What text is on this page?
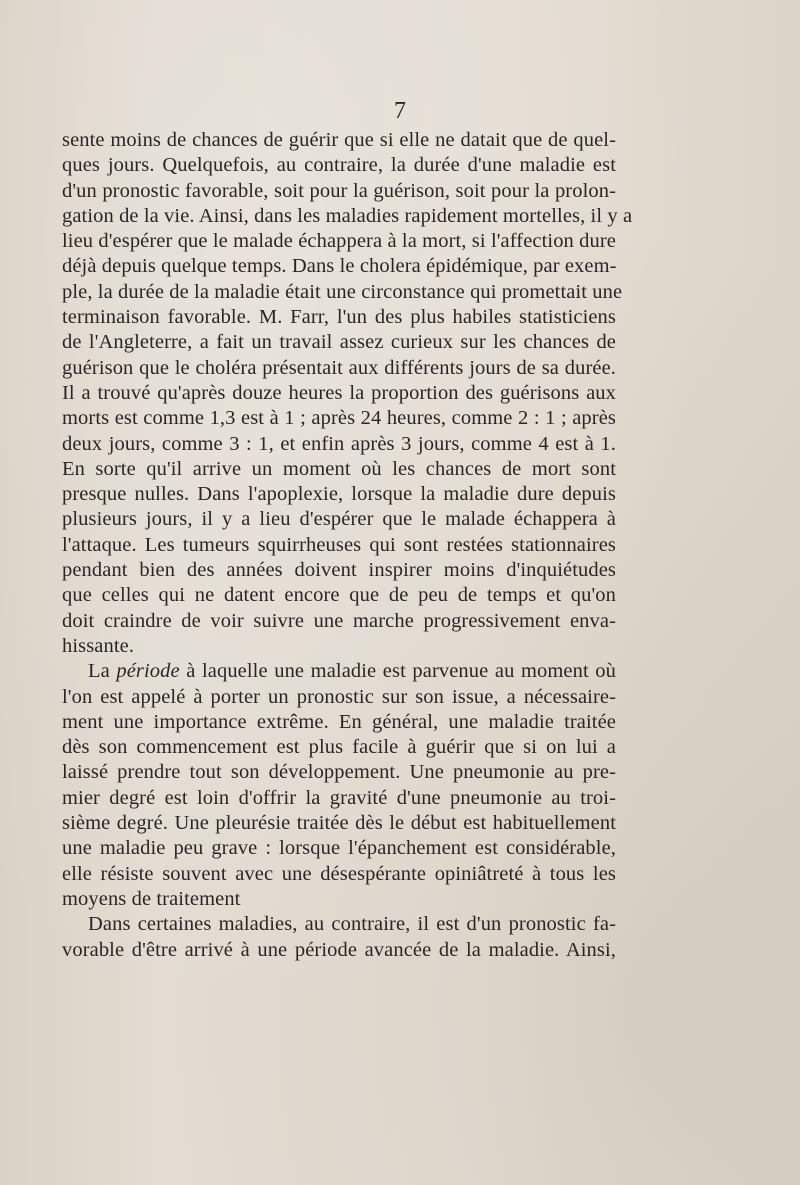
7
sente moins de chances de guérir que si elle ne datait que de quel-
ques jours. Quelquefois, au contraire, la durée d'une maladie est
d'un pronostic favorable, soit pour la guérison, soit pour la prolon-
gation de la vie. Ainsi, dans les maladies rapidement mortelles, il y a
lieu d'espérer que le malade échappera à la mort, si l'affection dure
déjà depuis quelque temps. Dans le cholera épidémique, par exem-
ple, la durée de la maladie était une circonstance qui promettait une
terminaison favorable. M. Farr, l'un des plus habiles statisticiens
de l'Angleterre, a fait un travail assez curieux sur les chances de
guérison que le choléra présentait aux différents jours de sa durée.
Il a trouvé qu'après douze heures la proportion des guérisons aux
morts est comme 1,3 est à 1 ; après 24 heures, comme 2 : 1 ; après
deux jours, comme 3 : 1, et enfin après 3 jours, comme 4 est à 1.
En sorte qu'il arrive un moment où les chances de mort sont
presque nulles. Dans l'apoplexie, lorsque la maladie dure depuis
plusieurs jours, il y a lieu d'espérer que le malade échappera à
l'attaque. Les tumeurs squirrheuses qui sont restées stationnaires
pendant bien des années doivent inspirer moins d'inquiétudes
que celles qui ne datent encore que de peu de temps et qu'on
doit craindre de voir suivre une marche progressivement enva-
hissante.
La période à laquelle une maladie est parvenue au moment où
l'on est appelé à porter un pronostic sur son issue, a nécessaire-
ment une importance extrême. En général, une maladie traitée
dès son commencement est plus facile à guérir que si on lui a
laissé prendre tout son développement. Une pneumonie au pre-
mier degré est loin d'offrir la gravité d'une pneumonie au troi-
sième degré. Une pleurésie traitée dès le début est habituellement
une maladie peu grave : lorsque l'épanchement est considérable,
elle résiste souvent avec une désespérante opiniâtreté à tous les
moyens de traitement
Dans certaines maladies, au contraire, il est d'un pronostic fa-
vorable d'être arrivé à une période avancée de la maladie. Ainsi,
